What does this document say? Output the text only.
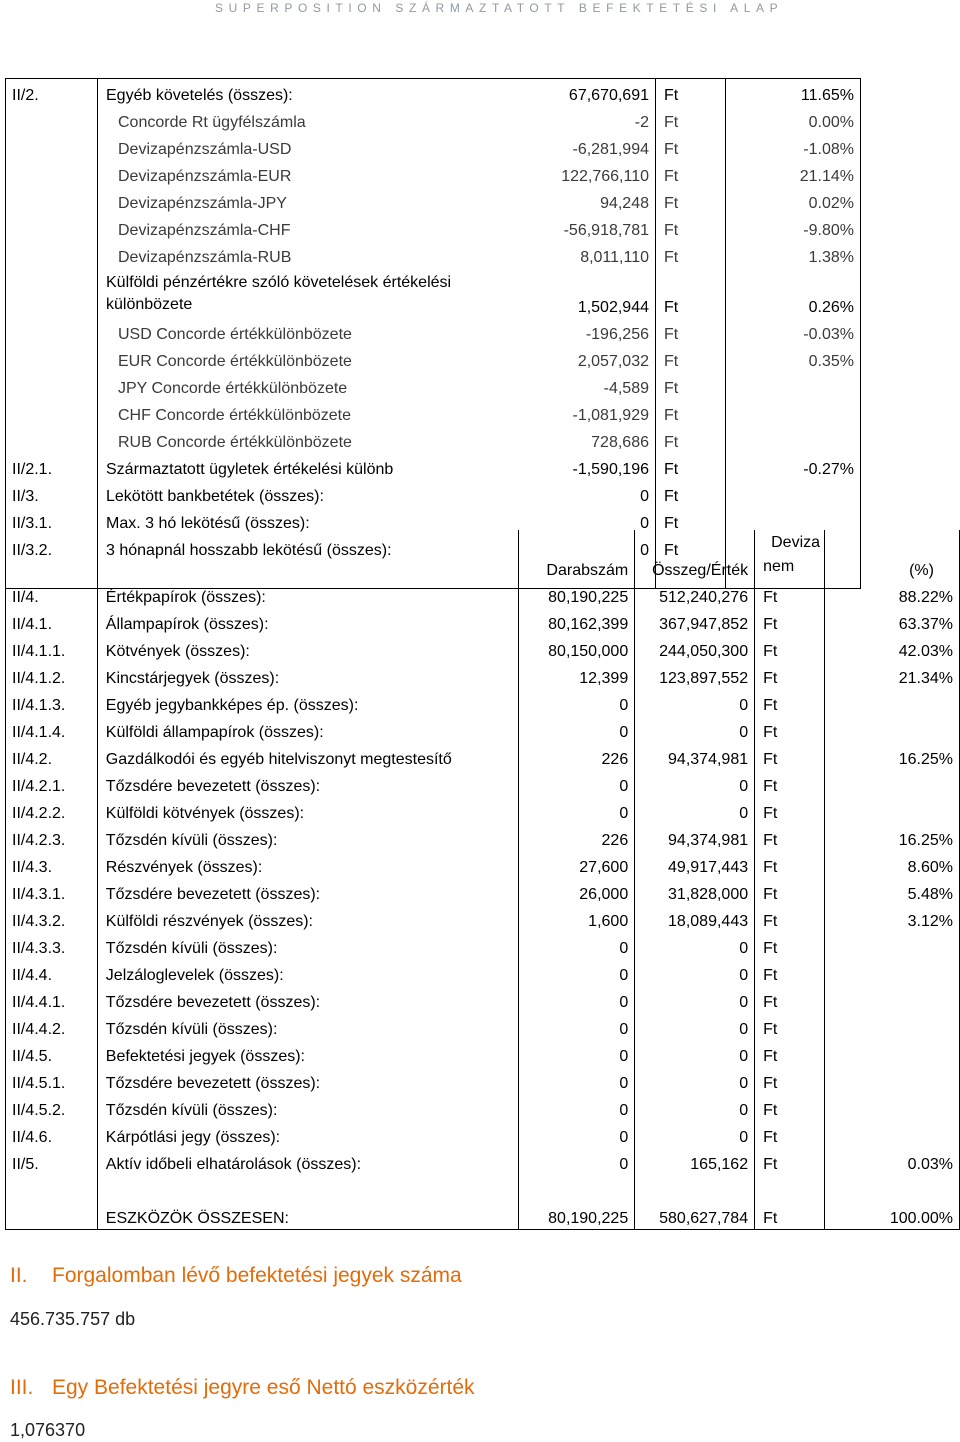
SUPERPOSITION SZÁRMAZTATOTT BEFEKTETÉSI ALAP
II/2.	Egyéb követelés (összes):	67,670,691	Ft	11.65%
	Concorde Rt ügyfélszámla	-2	Ft	0.00%
	Devizapénzszámla-USD	-6,281,994	Ft	-1.08%
	Devizapénzszámla-EUR	122,766,110	Ft	21.14%
	Devizapénzszámla-JPY	94,248	Ft	0.02%
	Devizapénzszámla-CHF	-56,918,781	Ft	-9.80%
	Devizapénzszámla-RUB	8,011,110	Ft	1.38%
	Külföldi pénzértékre szóló követelések értékelési különbözete	1,502,944	Ft	0.26%
	USD Concorde értékkülönbözete	-196,256	Ft	-0.03%
	EUR Concorde értékkülönbözete	2,057,032	Ft	0.35%
	JPY Concorde értékkülönbözete	-4,589	Ft	
	CHF Concorde értékkülönbözete	-1,081,929	Ft	
	RUB Concorde értékkülönbözete	728,686	Ft	
II/2.1.	Származtatott ügyletek értékelési különb	-1,590,196	Ft	-0.27%
II/3.	Lekötött bankbetétek (összes):	0	Ft	
II/3.1.	Max. 3 hó lekötésű (összes):	0	Ft	
II/3.2.	3 hónapnál hosszabb lekötésű (összes):	0	Ft	

		Darabszám	Összeg/Érték	Deviza
nem	(%)
II/4.	Értékpapírok (összes):	80,190,225	512,240,276	Ft	88.22%
II/4.1.	Állampapírok (összes):	80,162,399	367,947,852	Ft	63.37%
II/4.1.1.	Kötvények (összes):	80,150,000	244,050,300	Ft	42.03%
II/4.1.2.	Kincstárjegyek (összes):	12,399	123,897,552	Ft	21.34%
II/4.1.3.	Egyéb jegybankképes ép. (összes):	0	0	Ft	
II/4.1.4.	Külföldi állampapírok (összes):	0	0	Ft	
II/4.2.	Gazdálkodói és egyéb hitelviszonyt megtestesítő	226	94,374,981	Ft	16.25%
II/4.2.1.	Tőzsdére bevezetett (összes):	0	0	Ft	
II/4.2.2.	Külföldi kötvények (összes):	0	0	Ft	
II/4.2.3.	Tőzsdén kívüli (összes):	226	94,374,981	Ft	16.25%
II/4.3.	Részvények (összes):	27,600	49,917,443	Ft	8.60%
II/4.3.1.	Tőzsdére bevezetett (összes):	26,000	31,828,000	Ft	5.48%
II/4.3.2.	Külföldi részvények (összes):	1,600	18,089,443	Ft	3.12%
II/4.3.3.	Tőzsdén kívüli (összes):	0	0	Ft	
II/4.4.	Jelzáloglevelek (összes):	0	0	Ft	
II/4.4.1.	Tőzsdére bevezetett (összes):	0	0	Ft	
II/4.4.2.	Tőzsdén kívüli (összes):	0	0	Ft	
II/4.5.	Befektetési jegyek (összes):	0	0	Ft	
II/4.5.1.	Tőzsdére bevezetett (összes):	0	0	Ft	
II/4.5.2.	Tőzsdén kívüli (összes):	0	0	Ft	
II/4.6.	Kárpótlási jegy (összes):	0	0	Ft	
II/5.	Aktív időbeli elhatárolások (összes):	0	165,162	Ft	0.03%

	ESZKÖZÖK ÖSSZESEN:	80,190,225	580,627,784	Ft	100.00%
II. Forgalomban lévő befektetési jegyek száma
456.735.757 db
III. Egy Befektetési jegyre eső Nettó eszközérték
1,076370
